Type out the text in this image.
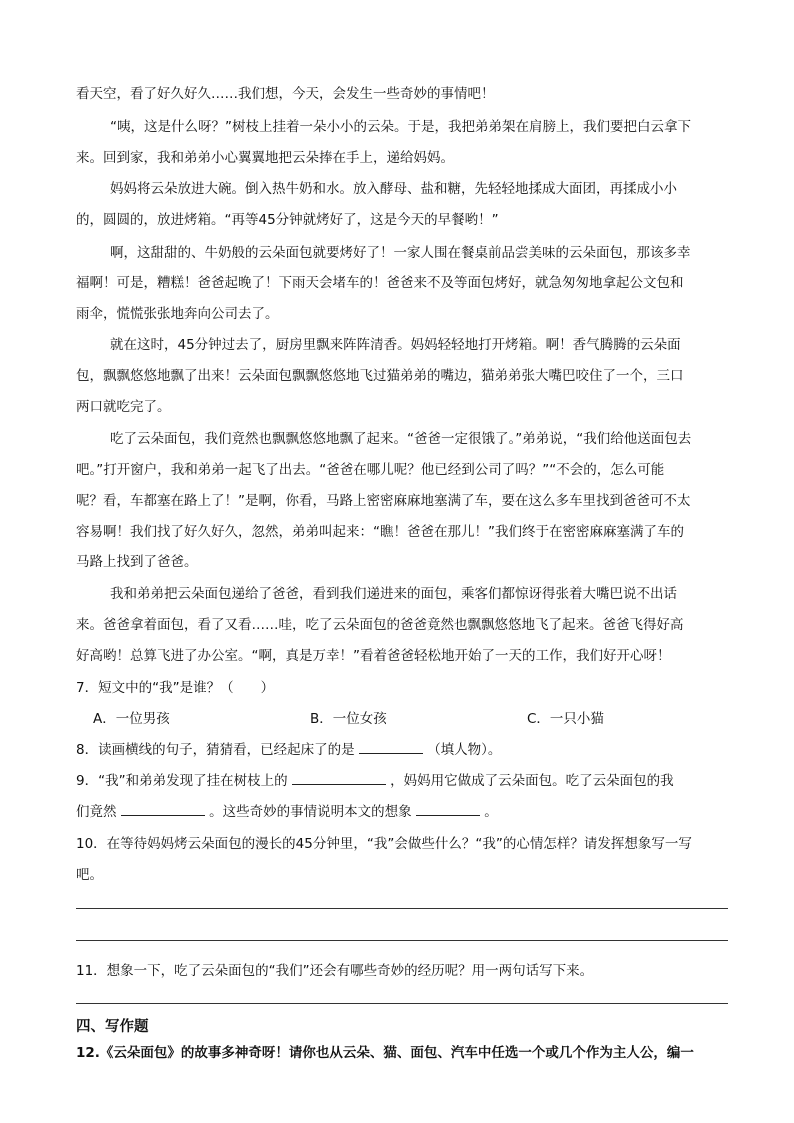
看天空，看了好久好久……我们想，今天，会发生一些奇妙的事情吧！
“咦，这是什么呀？”树枝上挂着一朵小小的云朵。于是，我把弟弟架在肩膀上，我们要把白云拿下
来。回到家，我和弟弟小心翼翼地把云朵捧在手上，递给妈妈。
妈妈将云朵放进大碗。倒入热牛奶和水。放入酵母、盐和糖，先轻轻地揉成大面团，再揉成小小
的，圆圆的，放进烤箱。“再等45分钟就烤好了，这是今天的早餐哟！”
啊，这甜甜的、牛奶般的云朵面包就要烤好了！一家人围在餐桌前品尝美味的云朵面包，那该多幸
福啊！可是，糟糕！爸爸起晚了！下雨天会堵车的！爸爸来不及等面包烤好，就急匆匆地拿起公文包和
雨伞，慌慌张张地奔向公司去了。
就在这时，45分钟过去了，厨房里飘来阵阵清香。妈妈轻轻地打开烤箱。啊！香气腾腾的云朵面
包，飘飘悠悠地飘了出来！云朵面包飘飘悠悠地飞过猫弟弟的嘴边，猫弟弟张大嘴巴咬住了一个，三口
两口就吃完了。
吃了云朵面包，我们竟然也飘飘悠悠地飘了起来。“爸爸一定很饿了。”弟弟说，“我们给他送面包去
吧。”打开窗户，我和弟弟一起飞了出去。“爸爸在哪儿呢？他已经到公司了吗？”“不会的，怎么可能
呢？看，车都塞在路上了！”是啊，你看，马路上密密麻麻地塞满了车，要在这么多车里找到爸爸可不太
容易啊！我们找了好久好久，忽然，弟弟叫起来：“瞧！爸爸在那儿！”我们终于在密密麻麻塞满了车的
马路上找到了爸爸。
我和弟弟把云朵面包递给了爸爸，看到我们递进来的面包，乘客们都惊讶得张着大嘴巴说不出话
来。爸爸拿着面包，看了又看……哇，吃了云朵面包的爸爸竟然也飘飘悠悠地飞了起来。爸爸飞得好高
好高哟！总算飞进了办公室。“啊，真是万幸！”看着爸爸轻松地开始了一天的工作，我们好开心呀！
7．短文中的“我”是谁？（　　）
A．一位男孩	B．一位女孩	C．一只小猫
8．读画横线的句子，猜猜看，已经起床了的是	（填人物）。
9．“我”和弟弟发现了挂在树枝上的	，妈妈用它做成了云朵面包。吃了云朵面包的我
们竟然	。这些奇妙的事情说明本文的想象	。
10．在等待妈妈烤云朵面包的漫长的45分钟里，“我”会做些什么？“我”的心情怎样？请发挥想象写一写
吧。
11．想象一下，吃了云朵面包的“我们”还会有哪些奇妙的经历呢？用一两句话写下来。
四、写作题
12.《云朵面包》的故事多神奇呀！请你也从云朵、猫、面包、汽车中任选一个或几个作为主人公，编一
